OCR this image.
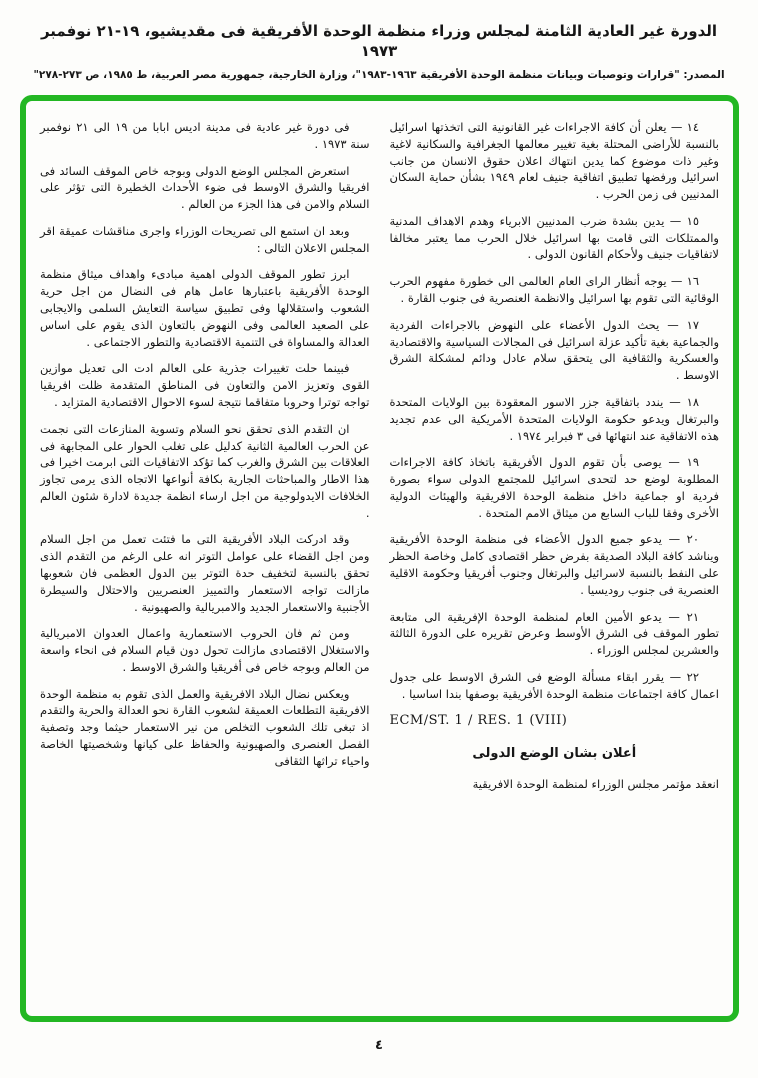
الدورة غير العادية الثامنة لمجلس وزراء منظمة الوحدة الأفريقية فى مقديشيو، ١٩-٢١ نوفمبر ١٩٧٣
المصدر: "قرارات وتوصيات وبيانات منظمة الوحدة الأفريقية ١٩٦٣-١٩٨٣"، وزارة الخارجية، جمهورية مصر العربية، ط ١٩٨٥، ص ٢٧٣-٢٧٨"

١٤ — يعلن أن كافة الاجراءات غير القانونية التى اتخذتها اسرائيل بالنسبة للأراضى المحتلة بغية تغيير معالمها الجغرافية والسكانية لاغية وغير ذات موضوع كما يدين انتهاك اعلان حقوق الانسان من جانب اسرائيل ورفضها تطبيق اتفاقية جنيف لعام ١٩٤٩ بشأن حماية السكان المدنيين فى زمن الحرب .

١٥ — يدين بشدة ضرب المدنيين الابرياء وهدم الاهداف المدنية والممتلكات التى قامت بها اسرائيل خلال الحرب مما يعتبر مخالفا لاتفاقيات جنيف ولأحكام القانون الدولى .

١٦ — يوجه أنظار الراى العام العالمى الى خطورة مفهوم الحرب الوقائية التى تقوم بها اسرائيل والانظمة العنصرية فى جنوب القارة .

١٧ — يحث الدول الأعضاء على النهوض بالاجراءات الفردية والجماعية بغية تأكيد عزلة اسرائيل فى المجالات السياسية والاقتصادية والعسكرية والثقافية الى يتحقق سلام عادل ودائم لمشكلة الشرق الاوسط .

١٨ — يندد باتفاقية جزر الاسور المعقودة بين الولايات المتحدة والبرتغال ويدعو حكومة الولايات المتحدة الأمريكية الى عدم تجديد هذه الاتفاقية عند انتهائها فى ٣ فبراير ١٩٧٤ .

١٩ — يوصى بأن تقوم الدول الأفريقية باتخاذ كافة الاجراءات المطلوبة لوضع حد لتحدى اسرائيل للمجتمع الدولى سواء بصورة فردية او جماعية داخل منظمة الوحدة الافريقية والهيئات الدولية الأخرى وفقا للباب السابع من ميثاق الامم المتحدة .

٢٠ — يدعو جميع الدول الأعضاء فى منظمة الوحدة الأفريقية ويناشد كافة البلاد الصديقة بفرض حظر اقتصادى كامل وخاصة الحظر على النفط بالنسبة لاسرائيل والبرتغال وجنوب أفريقيا وحكومة الاقلية العنصرية فى جنوب روديسيا .

٢١ — يدعو الأمين العام لمنظمة الوحدة الإفريقية الى متابعة تطور الموقف فى الشرق الأوسط وعرض تقريره على الدورة الثالثة والعشرين لمجلس الوزراء .

٢٢ — يقرر ابقاء مسألة الوضع فى الشرق الاوسط على جدول اعمال كافة اجتماعات منظمة الوحدة الأفريقية بوصفها بندا اساسيا .

ECM/ST. 1 / RES. 1 (VIII)

أعلان بشان الوضع الدولى

انعقد مؤتمر مجلس الوزراء لمنظمة الوحدة الافريقية

فى دورة غير عادية فى مدينة اديس ابابا من ١٩ الى ٢١ نوفمبر سنة ١٩٧٣ .

استعرض المجلس الوضع الدولى وبوجه خاص الموقف السائد فى افريقيا والشرق الاوسط فى ضوء الأحداث الخطيرة التى تؤثر على السلام والامن فى هذا الجزء من العالم .

وبعد ان استمع الى تصريحات الوزراء واجرى مناقشات عميقة اقر المجلس الاعلان التالى :

ابرز تطور الموقف الدولى اهمية مبادىء واهداف ميثاق منظمة الوحدة الأفريقية باعتبارها عامل هام فى النضال من اجل حرية الشعوب واستقلالها وفى تطبيق سياسة التعايش السلمى والايجابى على الصعيد العالمى وفى النهوض بالتعاون الذى يقوم على اساس العدالة والمساواة فى التنمية الاقتصادية والتطور الاجتماعى .

فبينما حلت تغييرات جذرية على العالم ادت الى تعديل موازين القوى وتعزيز الامن والتعاون فى المناطق المتقدمة ظلت افريقيا تواجه توترا وحروبا متفاقما نتيجة لسوء الاحوال الاقتصادية المتزايد .

ان التقدم الذى تحقق نحو السلام وتسوية المنازعات التى نجمت عن الحرب العالمية الثانية كدليل على تغلب الحوار على المجابهة فى العلاقات بين الشرق والغرب كما تؤكد الاتفاقيات التى ابرمت اخيرا فى هذا الاطار والمباحثات الجارية بكافة أنواعها الاتجاه الذى يرمى تجاوز الخلافات الايدولوجية من اجل ارساء انظمة جديدة لادارة شئون العالم .

وقد ادركت البلاد الأفريقية التى ما فتئت تعمل من اجل السلام ومن اجل القضاء على عوامل التوتر انه على الرغم من التقدم الذى تحقق بالنسبة لتخفيف حدة التوتر بين الدول العظمى فان شعوبها مازالت تواجه الاستعمار والتمييز العنصريين والاحتلال والسيطرة الأجنبية والاستعمار الجديد والامبريالية والصهيونية .

ومن ثم فان الحروب الاستعمارية واعمال العدوان الامبريالية والاستغلال الاقتصادى مازالت تحول دون قيام السلام فى انحاء واسعة من العالم وبوجه خاص فى أفريقيا والشرق الاوسط .

ويعكس نضال البلاد الافريقية والعمل الذى تقوم به منظمة الوحدة الافريقية التطلعات العميقة لشعوب القارة نحو العدالة والحرية والتقدم اذ تبغى تلك الشعوب التخلص من نير الاستعمار حيثما وجد وتصفية الفصل العنصرى والصهيونية والحفاظ على كيانها وشخصيتها الخاصة واحياء تراثها الثقافى

٤
